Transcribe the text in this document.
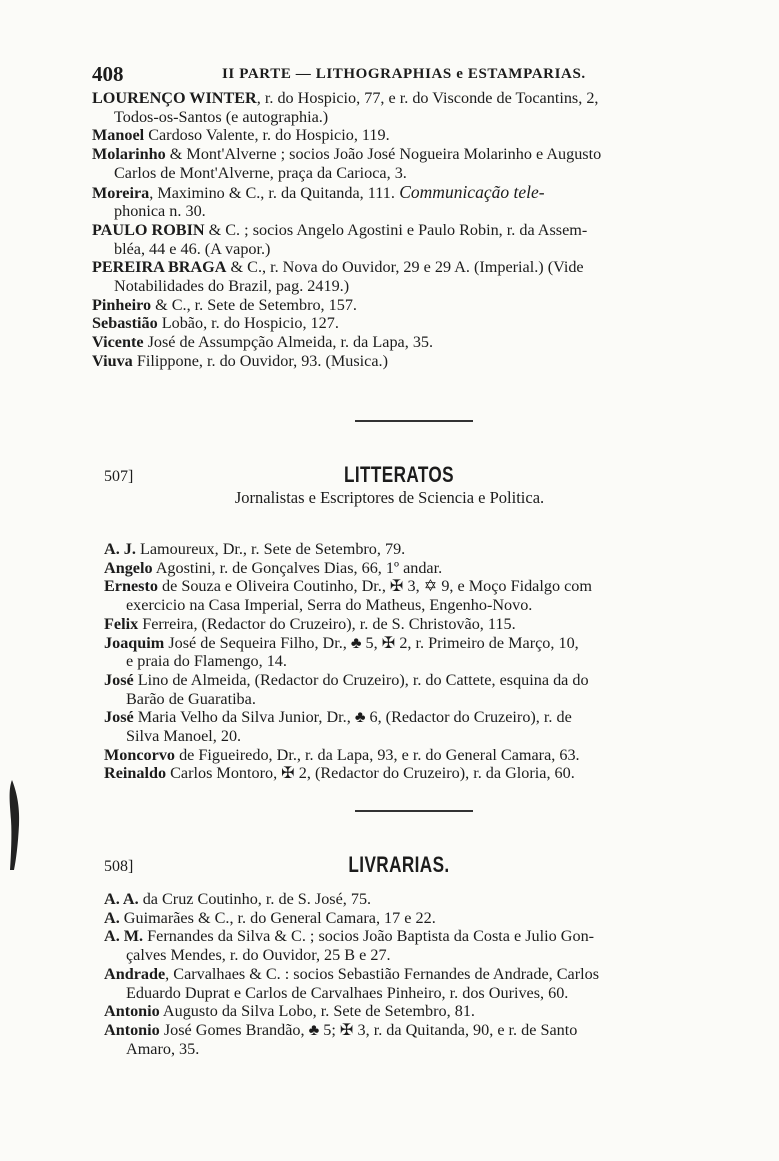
408	II PARTE — LITHOGRAPHIAS e ESTAMPARIAS.
LOURENÇO WINTER, r. do Hospicio, 77, e r. do Visconde de Tocantins, 2,
Todos-os-Santos (e autographia.)
Manoel Cardoso Valente, r. do Hospicio, 119.
Molarinho & Mont'Alverne ; socios João José Nogueira Molarinho e Augusto
Carlos de Mont'Alverne, praça da Carioca, 3.
Moreira, Maximino & C., r. da Quitanda, 111. Communicação tele-
phonica n. 30.
PAULO ROBIN & C. ; socios Angelo Agostini e Paulo Robin, r. da Assem-
bléa, 44 e 46. (A vapor.)
PEREIRA BRAGA & C., r. Nova do Ouvidor, 29 e 29 A. (Imperial.) (Vide
Notabilidades do Brazil, pag. 2419.)
Pinheiro & C., r. Sete de Setembro, 157.
Sebastião Lobão, r. do Hospicio, 127.
Vicente José de Assumpção Almeida, r. da Lapa, 35.
Viuva Filippone, r. do Ouvidor, 93. (Musica.)
507]	LITTERATOS
Jornalistas e Escriptores de Sciencia e Politica.
A. J. Lamoureux, Dr., r. Sete de Setembro, 79.
Angelo Agostini, r. de Gonçalves Dias, 66, 1º andar.
Ernesto de Souza e Oliveira Coutinho, Dr., ✠ 3, ✡ 9, e Moço Fidalgo com
exercicio na Casa Imperial, Serra do Matheus, Engenho-Novo.
Felix Ferreira, (Redactor do Cruzeiro), r. de S. Christovão, 115.
Joaquim José de Sequeira Filho, Dr., ♣ 5, ✠ 2, r. Primeiro de Março, 10,
e praia do Flamengo, 14.
José Lino de Almeida, (Redactor do Cruzeiro), r. do Cattete, esquina da do
Barão de Guaratiba.
José Maria Velho da Silva Junior, Dr., ♣ 6, (Redactor do Cruzeiro), r. de
Silva Manoel, 20.
Moncorvo de Figueiredo, Dr., r. da Lapa, 93, e r. do General Camara, 63.
Reinaldo Carlos Montoro, ✠ 2, (Redactor do Cruzeiro), r. da Gloria, 60.
508]	LIVRARIAS.
A. A. da Cruz Coutinho, r. de S. José, 75.
A. Guimarães & C., r. do General Camara, 17 e 22.
A. M. Fernandes da Silva & C. ; socios João Baptista da Costa e Julio Gon-
çalves Mendes, r. do Ouvidor, 25 B e 27.
Andrade, Carvalhaes & C. : socios Sebastião Fernandes de Andrade, Carlos
Eduardo Duprat e Carlos de Carvalhaes Pinheiro, r. dos Ourives, 60.
Antonio Augusto da Silva Lobo, r. Sete de Setembro, 81.
Antonio José Gomes Brandão, ♣ 5; ✠ 3, r. da Quitanda, 90, e r. de Santo
Amaro, 35.
